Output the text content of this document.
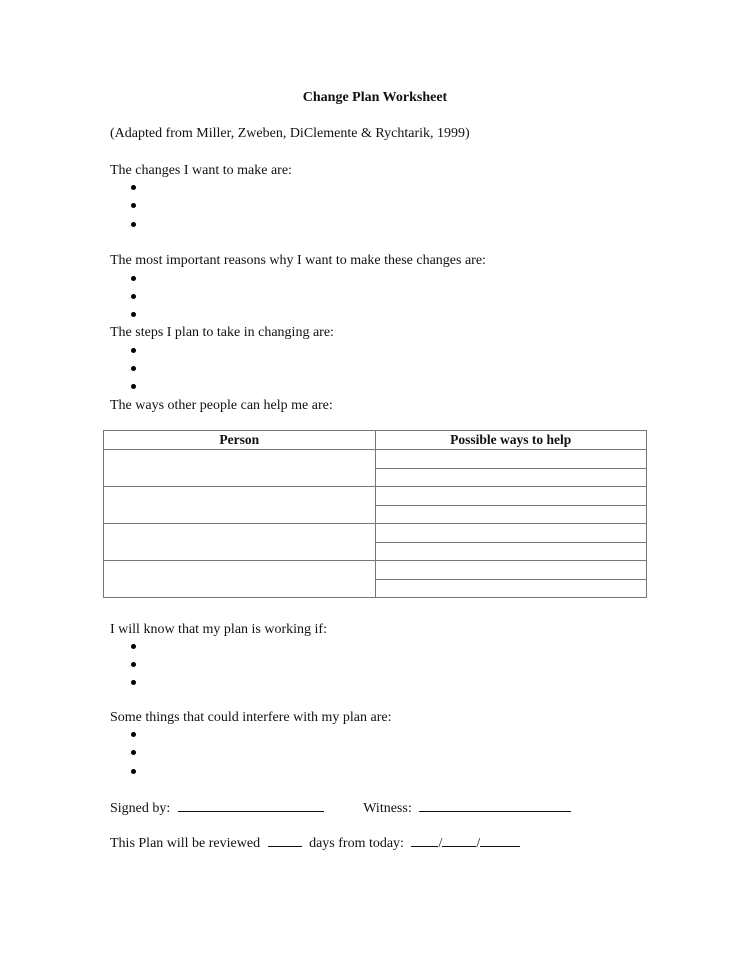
Change Plan Worksheet
(Adapted from Miller, Zweben, DiClemente & Rychtarik, 1999)
The changes I want to make are:
The most important reasons why I want to make these changes are:
The steps I plan to take in changing are:
The ways other people can help me are:
Person	Possible ways to help

I will know that my plan is working if:
Some things that could interfere with my plan are:
Signed by:	Witness:
This Plan will be reviewed	days from today: / /
